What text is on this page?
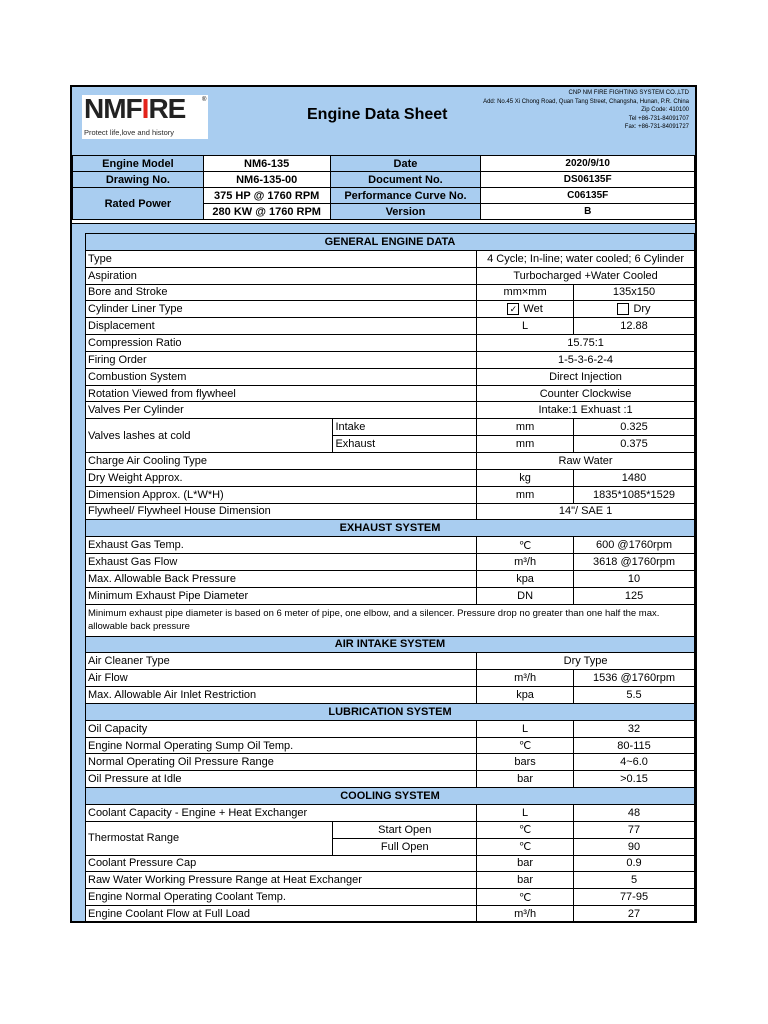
NMFIRE	®
Protect life,love and history
Engine Data Sheet
CNP NM FIRE FIGHTING SYSTEM CO.,LTD
Add: No.45 Xi Chong Road, Quan Tang Street, Changsha, Hunan, P.R. China
Zip Code: 410100
Tel +86-731-84091707
Fax: +86-731-84091727
Engine Model	NM6-135	Date	2020/9/10
Drawing No.	NM6-135-00	Document No.	DS06135F
Rated Power	375 HP @ 1760 RPM	Performance Curve No.	C06135F
	280 KW @ 1760 RPM	Version	B
GENERAL ENGINE DATA			
Type		4 Cycle; In-line; water cooled; 6 Cylinder	
Aspiration		Turbocharged +Water Cooled	
Bore and Stroke		mm×mm	135x150
Cylinder Liner Type		✓ Wet	Dry
Displacement		L	12.88
Compression Ratio		15.75:1	
Firing Order		1-5-3-6-2-4	
Combustion System		Direct Injection	
Rotation Viewed from flywheel		Counter Clockwise	
Valves Per Cylinder		Intake:1 Exhuast :1	
Valves lashes at cold	Intake	mm	0.325
	Exhaust	mm	0.375
Charge Air Cooling Type		Raw Water	
Dry Weight Approx.		kg	1480
Dimension Approx. (L*W*H)		mm	1835*1085*1529
Flywheel/ Flywheel House Dimension		14"/ SAE 1	
EXHAUST SYSTEM			
Exhaust Gas Temp.		℃	600 @1760rpm
Exhaust Gas Flow		m³/h	3618 @1760rpm
Max. Allowable Back Pressure		kpa	10
Minimum Exhaust Pipe Diameter		DN	125
Minimum exhaust pipe diameter is based on 6 meter of pipe, one elbow, and a silencer. Pressure drop no greater than one half the max. allowable back pressure			
AIR INTAKE SYSTEM			
Air Cleaner Type		Dry Type	
Air Flow		m³/h	1536 @1760rpm
Max. Allowable Air Inlet Restriction		kpa	5.5
LUBRICATION SYSTEM			
Oil Capacity		L	32
Engine Normal Operating Sump Oil Temp.		℃	80-115
Normal Operating Oil Pressure Range		bars	4~6.0
Oil Pressure at Idle		bar	>0.15
COOLING SYSTEM			
Coolant Capacity - Engine + Heat Exchanger		L	48
Thermostat Range	Start Open	℃	77
	Full Open	℃	90
Coolant Pressure Cap		bar	0.9
Raw Water Working Pressure Range at Heat Exchanger		bar	5
Engine Normal Operating Coolant Temp.		℃	77-95
Engine Coolant Flow at Full Load		m³/h	27
